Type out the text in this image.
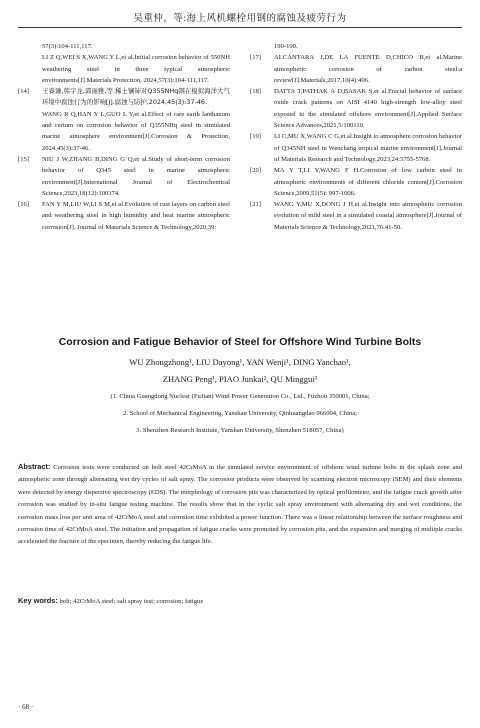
吴重仲，等:海上风机螺栓用钢的腐蚀及疲劳行为
57(3):104-111,117.
LI Z Q,WEI S X,WANG Y L,et al.Initial corrosion behavior of 550NH weathering steel in three typical atmospheric environments[J].Materials Protection, 2024,57(3):104-111,117.
[14]	王睿谦,韩宇龙,郭丽雅,等.稀土镧铈对Q355NHq钢在模拟海洋大气环境中腐蚀行为的影响[J].腐蚀与防护,2024,45(3):37-46.
WANG R Q,HAN Y L,GUO L Y,et al.Effect of rare earth lanthanum and cerium on corrosion behavior of Q355NHq steel in simulated marine atmosphere environment[J].Corrosion & Protection, 2024,45(3):37-46.
[15]	NIU J W,ZHANG B,DING G Q,et al.Study of short-term corrosion behavior of Q345 steel in marine atmospheric environment[J].International Journal of Electrochemical Science,2023,18(12):100374.
[16]	FAN Y M,LIU W,LI S M,et al.Evolution of rust layers on carbon steel and weathering steel in high humidity and heat marine atmospheric corrosion[J]. Journal of Materials Science & Technology,2020,39:
190-199.
[17]	ALCÁNTARA J,DE LA FUENTE D,CHICO B,et al.Marine atmospheric corrosion of carbon steel:a review[J].Materials,2017,10(4):406.
[18]	DATTA T,PATHAK A D,BASAK S,et al.Fractal behavior of surface oxide crack patterns on AISI 4140 high-strength low-alloy steel exposed to the simulated offshore environment[J].Applied Surface Science Advances,2021,5:100110.
[19]	LI C,MU X,WANG C G,et al.Insight to atmosphere corrosion behavior of Q345NH steel in Wenchang tropical marine environment[J].Journal of Materials Research and Technology,2023,24:5755-5768.
[20]	MA Y T,LI Y,WANG F H.Corrosion of low carbon steel in atmospheric environments of different chloride content[J].Corrosion Science,2009,51(5): 997-1006.
[21]	WANG Y,MU X,DONG J H,et al.Insight into atmospheric corrosion evolution of mild steel in a simulated coastal atmosphere[J].Journal of Materials Science & Technology,2021,76:41-50.
Corrosion and Fatigue Behavior of Steel for Offshore Wind Turbine Bolts
WU Zhongzhong¹, LIU Dayong¹, YAN Wenji¹, DING Yanchao¹,
ZHANG Peng¹, PIAO Junkai², QU Minggui³
(1. China Guangdong Nuclear (FuJian) Wind Power Generation Co., Ltd., Fuzhou 350001, China;
2. School of Mechanical Engineering, Yanshan University, Qinhuangdao 066004, China;
3. Shenzhen Research Institute, Yanshan University, Shenzhen 518057, China)
Abstract: Corrosion tests were conducted on bolt steel 42CrMoA in the simulated service environment of offshore wind turbine bolts in the splash zone and atmospheric zone through alternating wet dry cycles of salt spray. The corrosion products were observed by scanning electron microscopy (SEM) and their elements were detected by energy dispersive spectroscopy (EDS). The morphology of corrosion pits was characterized by optical profilometer, and the fatigue crack growth after corrosion was studied by in-situ fatigue testing machine. The results show that in the cyclic salt spray environment with alternating dry and wet conditions, the corrosion mass loss per unit area of 42CrMoA steel and corrosion time exhibited a power function. There was a linear relationship between the surface roughness and corrosion time of 42CrMoA steel. The initiation and propagation of fatigue cracks were promoted by corrosion pits, and the expansion and merging of multiple cracks accelerated the fracture of the specimen, thereby reducing the fatigue life.
Key words: bolt; 42CrMoA steel; salt spray test; corrosion; fatigue
· 68 ·
